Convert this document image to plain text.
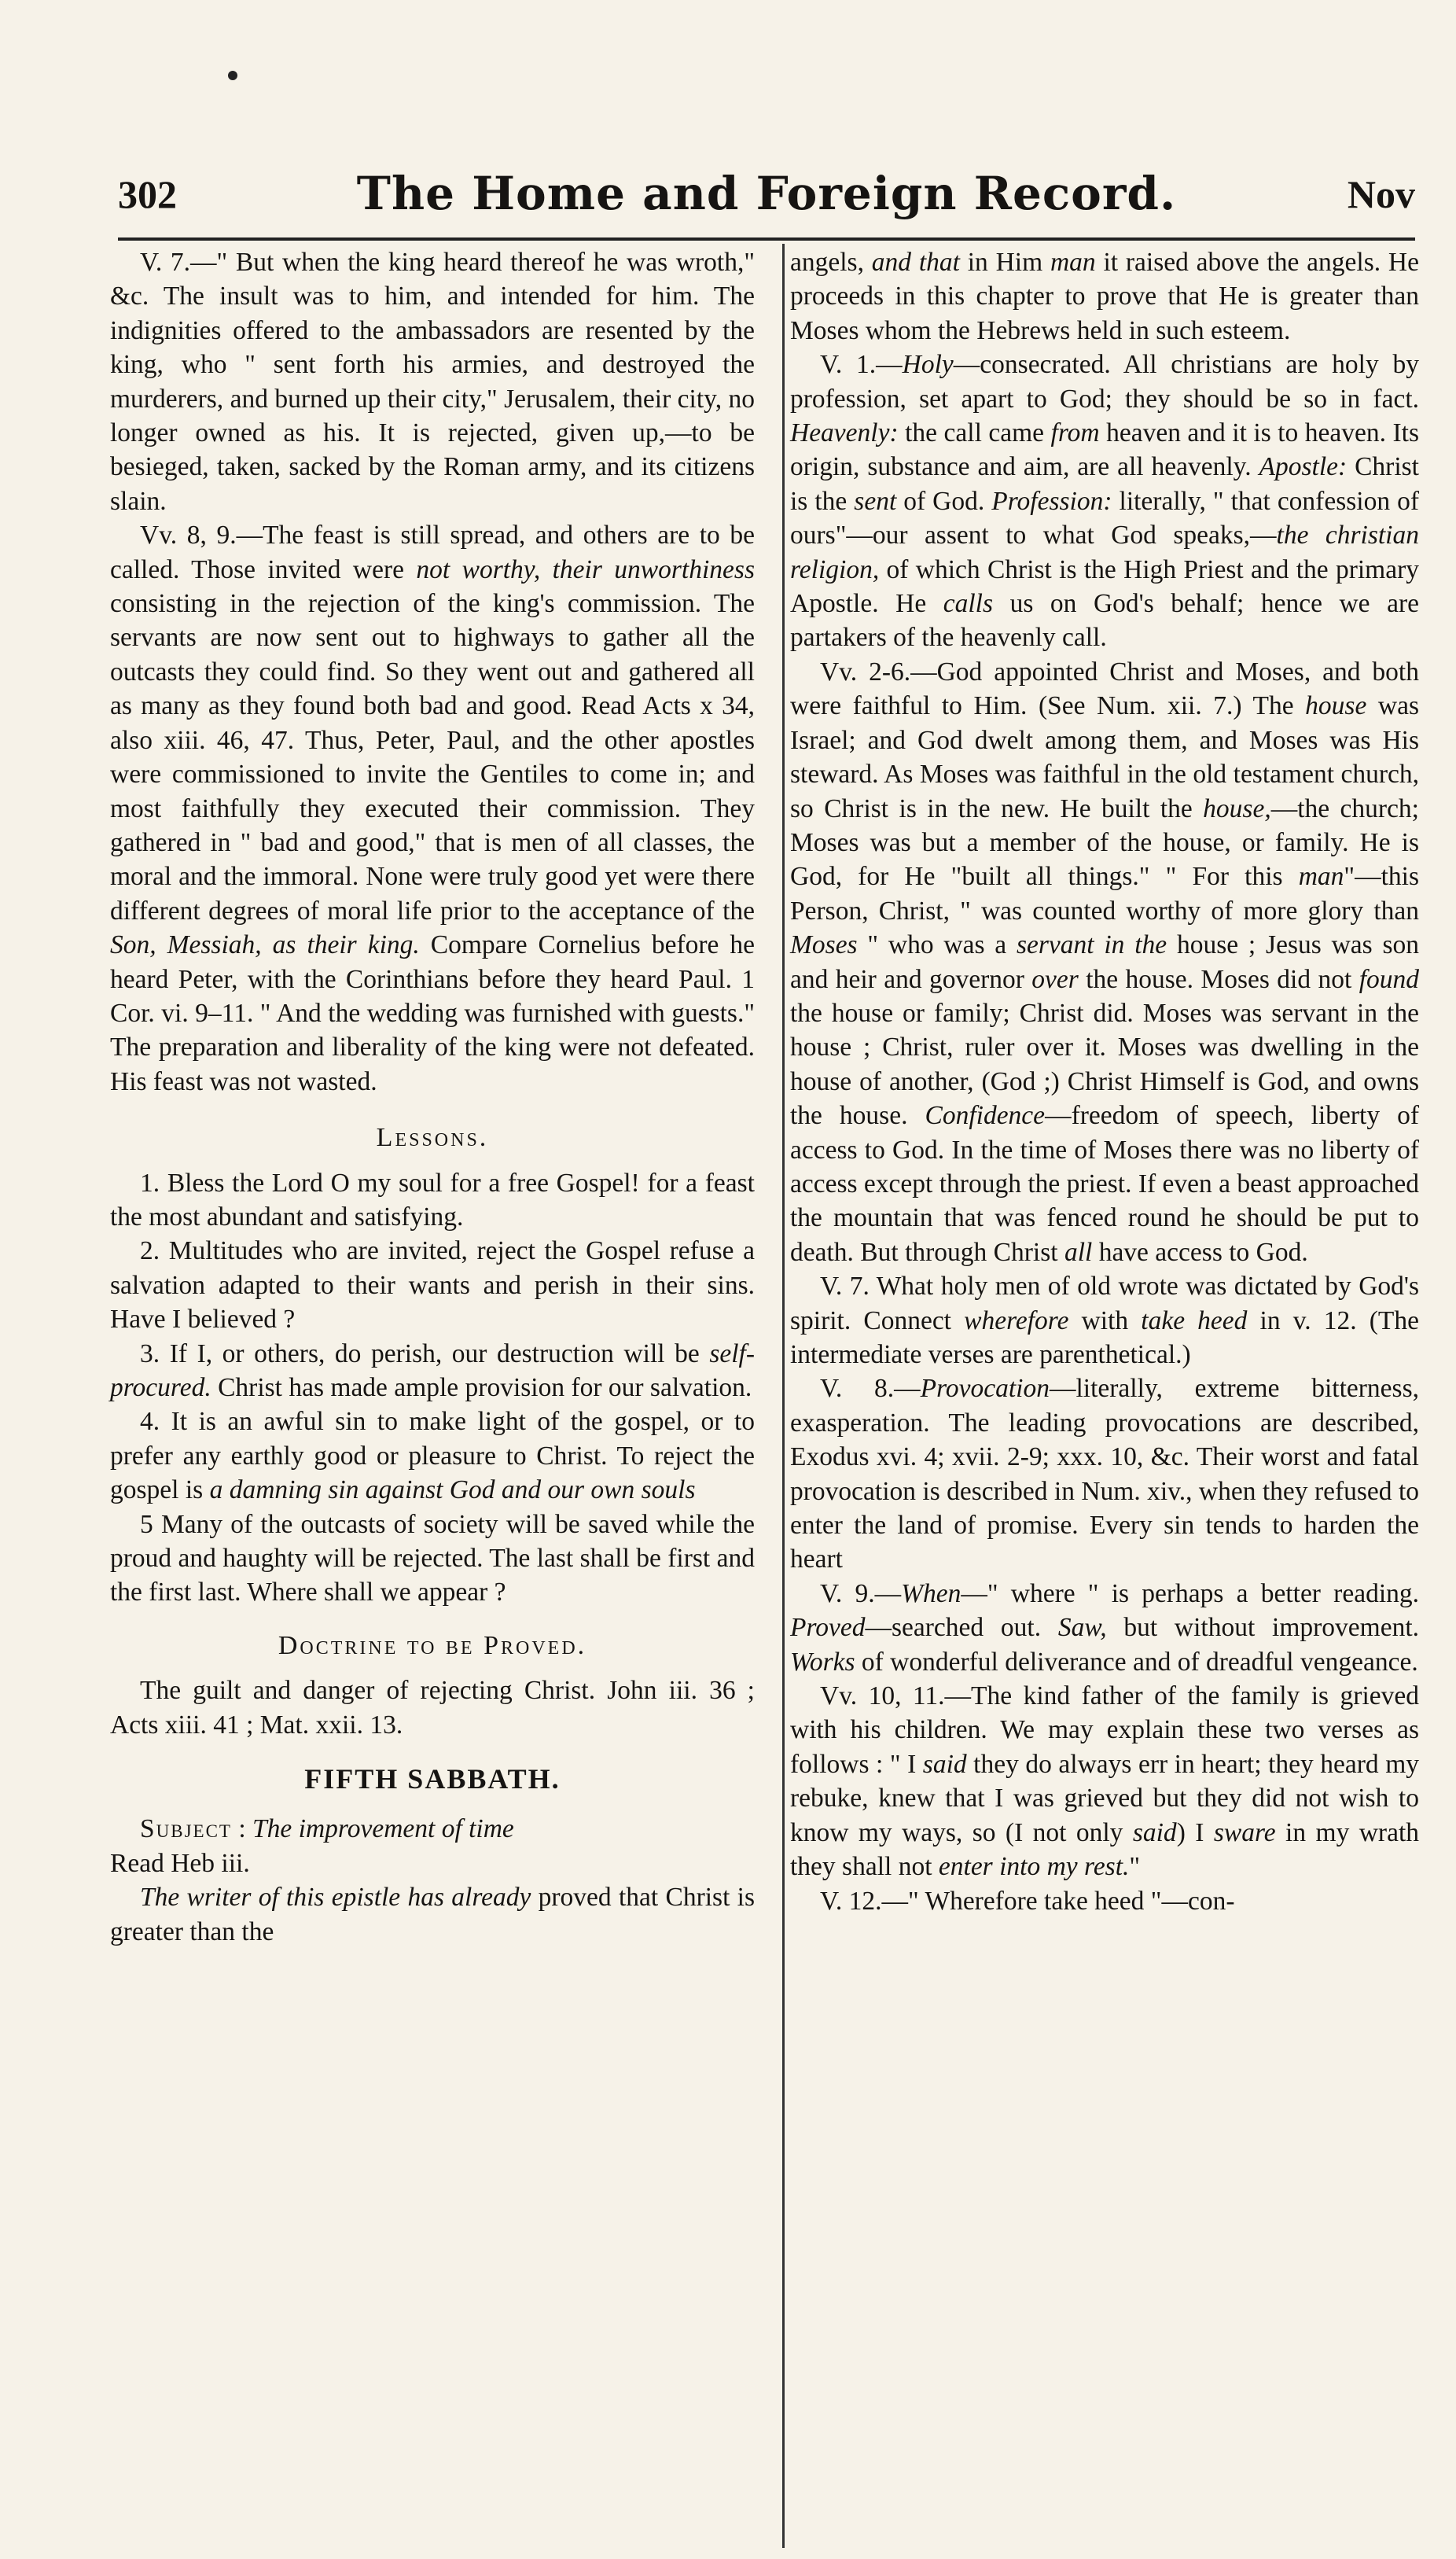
302	The Home and Foreign Record.	Nov

V. 7.—" But when the king heard thereof he was wroth," &c. The insult was to him, and intended for him. The indignities offered to the ambassadors are resented by the king, who " sent forth his armies, and destroyed the murderers, and burned up their city," Jerusalem, their city, no longer owned as his. It is rejected, given up,—to be besieged, taken, sacked by the Roman army, and its citizens slain.

Vv. 8, 9.—The feast is still spread, and others are to be called. Those invited were not worthy, their unworthiness consisting in the rejection of the king's commission. The servants are now sent out to highways to gather all the outcasts they could find. So they went out and gathered all as many as they found both bad and good. Read Acts x 34, also xiii. 46, 47. Thus, Peter, Paul, and the other apostles were commissioned to invite the Gentiles to come in; and most faithfully they executed their commission. They gathered in " bad and good," that is men of all classes, the moral and the immoral. None were truly good yet were there different degrees of moral life prior to the acceptance of the Son, Messiah, as their king. Compare Cornelius before he heard Peter, with the Corinthians before they heard Paul. 1 Cor. vi. 9–11. " And the wedding was furnished with guests." The preparation and liberality of the king were not defeated. His feast was not wasted.

Lessons.

1. Bless the Lord O my soul for a free Gospel! for a feast the most abundant and satisfying.

2. Multitudes who are invited, reject the Gospel refuse a salvation adapted to their wants and perish in their sins. Have I believed ?

3. If I, or others, do perish, our destruction will be self-procured. Christ has made ample provision for our salvation.

4. It is an awful sin to make light of the gospel, or to prefer any earthly good or pleasure to Christ. To reject the gospel is a damning sin against God and our own souls

5 Many of the outcasts of society will be saved while the proud and haughty will be rejected. The last shall be first and the first last. Where shall we appear ?

Doctrine to be Proved.

The guilt and danger of rejecting Christ. John iii. 36 ; Acts xiii. 41 ; Mat. xxii. 13.

FIFTH SABBATH.

Subject : The improvement of time

Read Heb iii.

The writer of this epistle has already proved that Christ is greater than the

angels, and that in Him man it raised above the angels. He proceeds in this chapter to prove that He is greater than Moses whom the Hebrews held in such esteem.

V. 1.—Holy—consecrated. All christians are holy by profession, set apart to God; they should be so in fact. Heavenly: the call came from heaven and it is to heaven. Its origin, substance and aim, are all heavenly. Apostle: Christ is the sent of God. Profession: literally, " that confession of ours"—our assent to what God speaks,—the christian religion, of which Christ is the High Priest and the primary Apostle. He calls us on God's behalf; hence we are partakers of the heavenly call.

Vv. 2-6.—God appointed Christ and Moses, and both were faithful to Him. (See Num. xii. 7.) The house was Israel; and God dwelt among them, and Moses was His steward. As Moses was faithful in the old testament church, so Christ is in the new. He built the house,—the church; Moses was but a member of the house, or family. He is God, for He "built all things." " For this man"—this Person, Christ, " was counted worthy of more glory than Moses " who was a servant in the house ; Jesus was son and heir and governor over the house. Moses did not found the house or family; Christ did. Moses was servant in the house ; Christ, ruler over it. Moses was dwelling in the house of another, (God ;) Christ Himself is God, and owns the house. Confidence—freedom of speech, liberty of access to God. In the time of Moses there was no liberty of access except through the priest. If even a beast approached the mountain that was fenced round he should be put to death. But through Christ all have access to God.

V. 7. What holy men of old wrote was dictated by God's spirit. Connect wherefore with take heed in v. 12. (The intermediate verses are parenthetical.)

V. 8.—Provocation—literally, extreme bitterness, exasperation. The leading provocations are described, Exodus xvi. 4; xvii. 2-9; xxx. 10, &c. Their worst and fatal provocation is described in Num. xiv., when they refused to enter the land of promise. Every sin tends to harden the heart

V. 9.—When—" where " is perhaps a better reading. Proved—searched out. Saw, but without improvement. Works of wonderful deliverance and of dreadful vengeance.

Vv. 10, 11.—The kind father of the family is grieved with his children. We may explain these two verses as follows : " I said they do always err in heart; they heard my rebuke, knew that I was grieved but they did not wish to know my ways, so (I not only said) I sware in my wrath they shall not enter into my rest."

V. 12.—" Wherefore take heed "—con-
